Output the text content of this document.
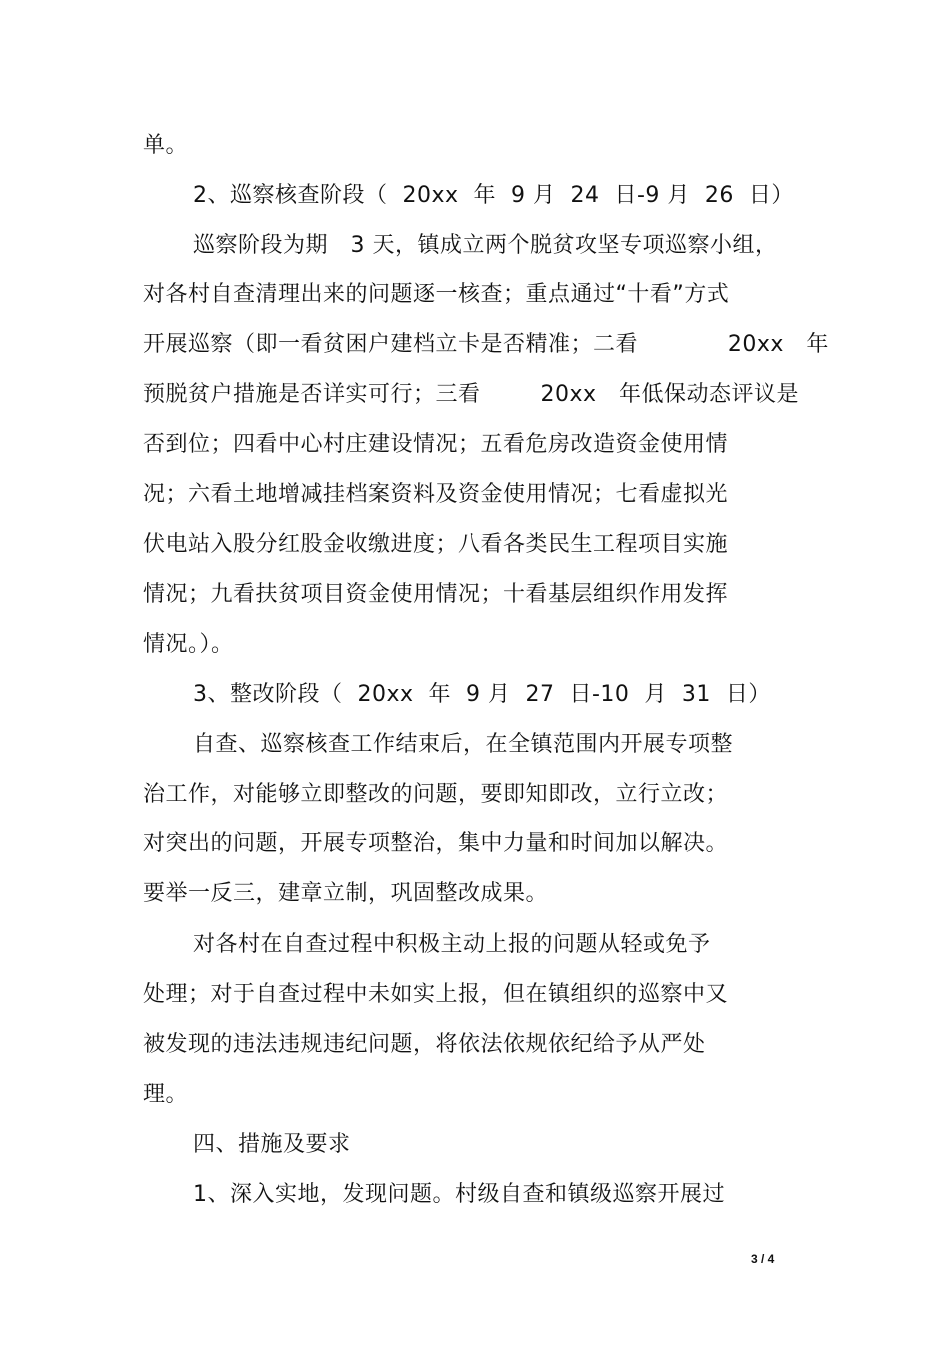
单。
2、巡察核查阶段（  20xx  年  9 月  24  日-9 月  26  日）
巡察阶段为期   3 天，镇成立两个脱贫攻坚专项巡察小组，
对各村自查清理出来的问题逐一核查；重点通过“十看”方式
开展巡察（即一看贫困户建档立卡是否精准；二看            20xx   年
预脱贫户措施是否详实可行；三看        20xx   年低保动态评议是
否到位；四看中心村庄建设情况；五看危房改造资金使用情
况；六看土地增减挂档案资料及资金使用情况；七看虚拟光
伏电站入股分红股金收缴进度；八看各类民生工程项目实施
情况；九看扶贫项目资金使用情况；十看基层组织作用发挥
情况。）。
3、整改阶段（  20xx  年  9 月  27  日-10  月  31  日）
自查、巡察核查工作结束后，在全镇范围内开展专项整
治工作，对能够立即整改的问题，要即知即改，立行立改；
对突出的问题，开展专项整治，集中力量和时间加以解决。
要举一反三，建章立制，巩固整改成果。
对各村在自查过程中积极主动上报的问题从轻或免予
处理；对于自查过程中未如实上报，但在镇组织的巡察中又
被发现的违法违规违纪问题，将依法依规依纪给予从严处
理。
四、措施及要求
1、深入实地，发现问题。村级自查和镇级巡察开展过
3 / 4
